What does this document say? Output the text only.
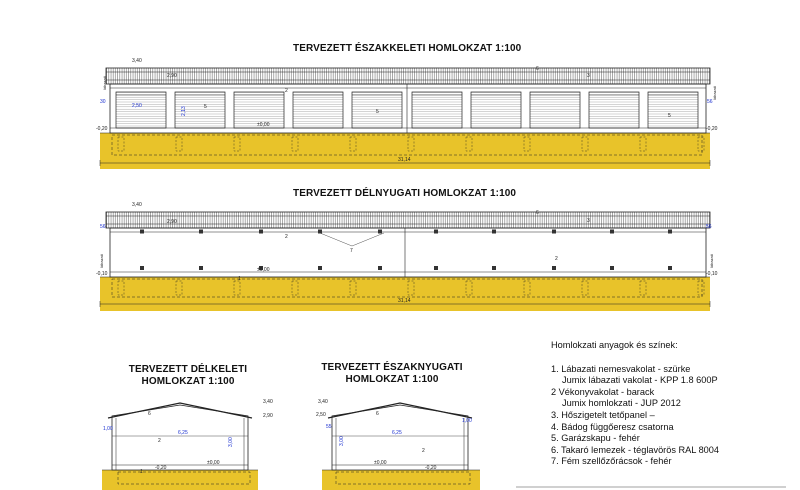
TERVEZETT ÉSZAKKELETI HOMLOKZAT 1:100
TERVEZETT DÉLNYUGATI HOMLOKZAT 1:100
TERVEZETT DÉLKELETI
HOMLOKZAT 1:100
TERVEZETT ÉSZAKNYUGATI
HOMLOKZAT 1:100
31,14
3,40
2,90
2,50
2,13
30	56
-0,20	-0,20
±0,00
6
3
2
5
5
5
lábazati
lábazati
31,14
3,40
2,90
56	56
-0,10	-0,10
±0,00
6
3
2
2
7
1
lábazati	lábazati
3,40
2,90
6,25
3,00
1,00
±0,00
-0,20
6
2
1
3,40
2,50
6,25
3,00
55
1,00
±0,00
-0,20
6
2
Homlokzati anyagok és színek:
1. Lábazati nemesvakolat - szürke
Jumix lábazati vakolat - KPP 1.8 600P
2 Vékonyvakolat - barack
Jumix homlokzati - JUP 2012
3. Hőszigetelt tetőpanel –
4. Bádog függőeresz csatorna
5. Garázskapu - fehér
6. Takaró lemezek - téglavörös RAL 8004
7. Fém szellőzőrácsok - fehér
